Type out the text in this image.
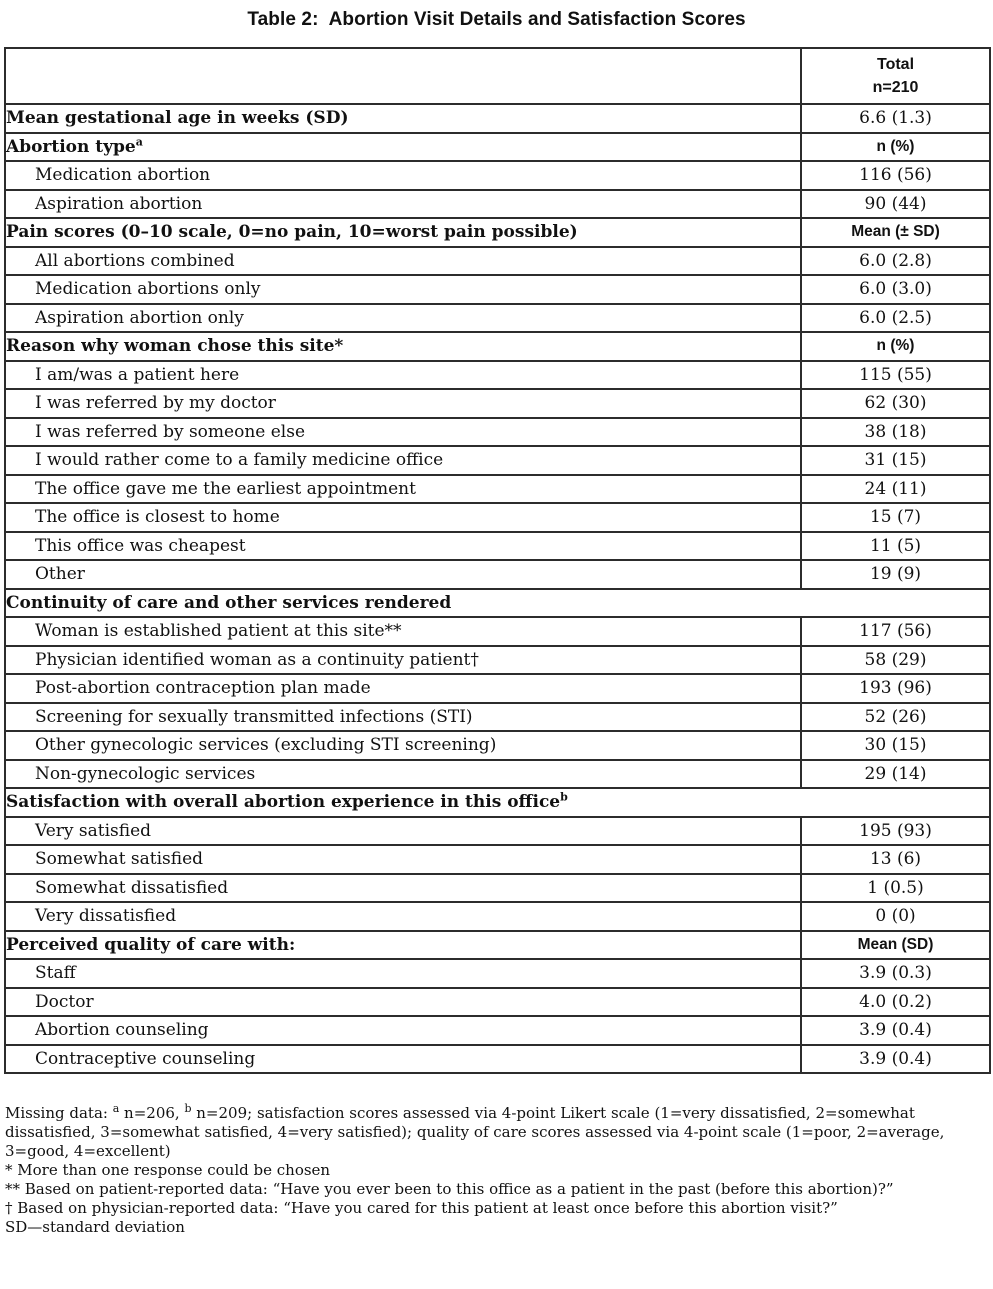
Table 2:  Abortion Visit Details and Satisfaction Scores

	Total
n=210

Mean gestational age in weeks (SD)	6.6 (1.3)
Abortion type$^a$	n (%)
Medication abortion	116 (56)
Aspiration abortion	90 (44)
Pain scores (0–10 scale, 0=no pain, 10=worst pain possible)	Mean (± SD)
All abortions combined	6.0 (2.8)
Medication abortions only	6.0 (3.0)
Aspiration abortion only	6.0 (2.5)
Reason why woman chose this site*	n (%)
I am/was a patient here	115 (55)
I was referred by my doctor	62 (30)
I was referred by someone else	38 (18)
I would rather come to a family medicine office	31 (15)
The office gave me the earliest appointment	24 (11)
The office is closest to home	15 (7)
This office was cheapest	11 (5)
Other	19 (9)
Continuity of care and other services rendered	
Woman is established patient at this site**	117 (56)
Physician identified woman as a continuity patient†	58 (29)
Post-abortion contraception plan made	193 (96)
Screening for sexually transmitted infections (STI)	52 (26)
Other gynecologic services (excluding STI screening)	30 (15)
Non-gynecologic services	29 (14)
Satisfaction with overall abortion experience in this office$^b$
Very satisfied	195 (93)
Somewhat satisfied	13 (6)
Somewhat dissatisfied	1 (0.5)
Very dissatisfied	0 (0)
Perceived quality of care with:	Mean (SD)
Staff	3.9 (0.3)
Doctor	4.0 (0.2)
Abortion counseling	3.9 (0.4)
Contraceptive counseling	3.9 (0.4)
Missing data: $^a$ n=206, $^b$ n=209; satisfaction scores assessed via 4-point Likert scale (1=very dissatisfied, 2=somewhat dissatisfied, 3=somewhat satisfied, 4=very satisfied); quality of care scores assessed via 4-point scale (1=poor, 2=average, 3=good, 4=excellent)
* More than one response could be chosen
** Based on patient-reported data: “Have you ever been to this office as a patient in the past (before this abortion)?”
† Based on physician-reported data: “Have you cared for this patient at least once before this abortion visit?”
SD—standard deviation
